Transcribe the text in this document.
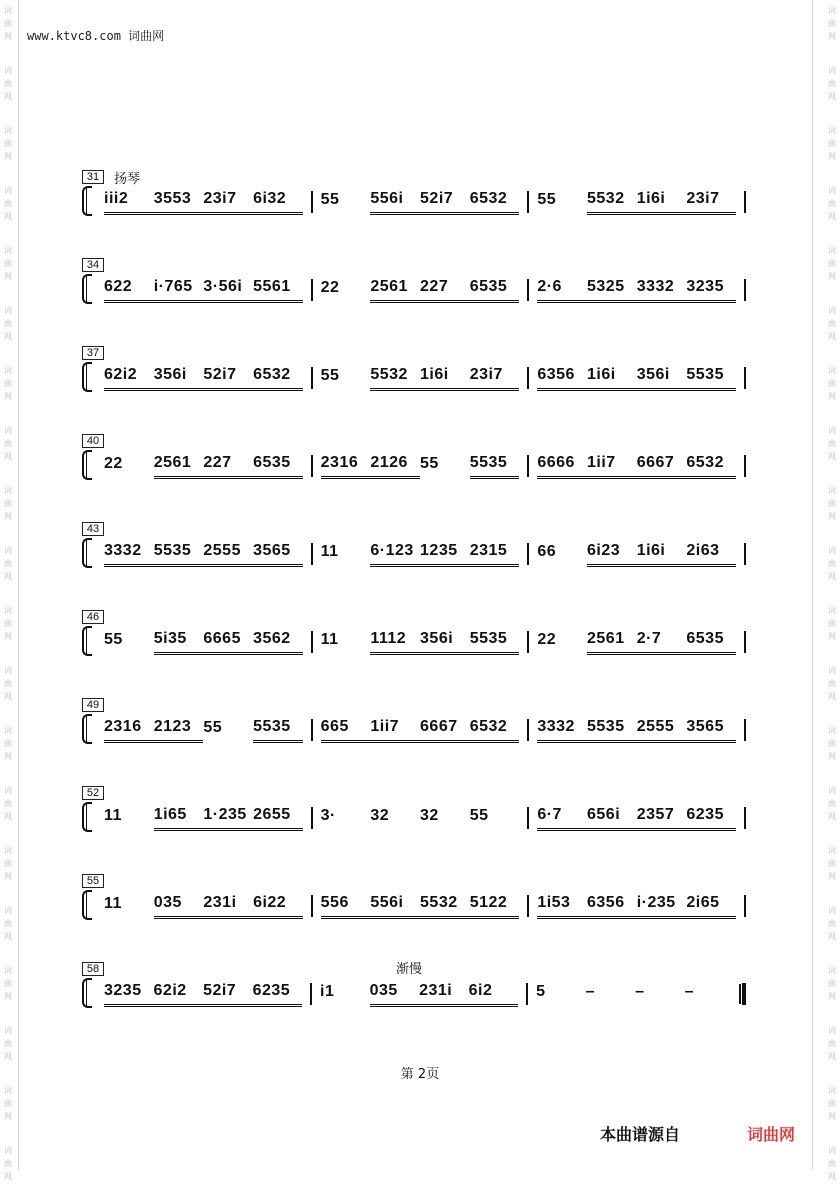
词
曲
网
词
曲
网
词
曲
网
词
曲
网
词
曲
网
词
曲
网
词
曲
网
词
曲
网
词
曲
网
词
曲
网
词
曲
网
词
曲
网
词
曲
网
词
曲
网
词
曲
网
词
曲
网
词
曲
网
词
曲
网
词
曲
网
词
曲
网
词
曲
网
词
曲
网
词
曲
网
词
曲
网
词
曲
网
词
曲
网
词
曲
网
词
曲
网
词
曲
网
词
曲
网
词
曲
网
词
曲
网
词
曲
网
词
曲
网
词
曲
网
词
曲
网
词
曲
网
词
曲
网
词
曲
网
词
曲
网
www.ktvc8.com 词曲网
扬琴
31
iii2	3553 23i7	6i32	55	556i	52i7	6532	55	5532 1i6i	23i7
34
622	i·765 3·56i 5561	22	2561 227	6535	2·6	5325 3332 3235
37
62i2	356i	52i7	6532	55	5532 1i6i	23i7	6356 1i6i	356i	5535
40
22	2561 227	6535	2316 2126 55	5535	6666 1ii7	6667 6532
43
3332 5535 2555 3565	11	6·123 1235 2315	66	6i23	1i6i	2i63
46
55	5i35	6665 3562	11	1112 356i	5535	22	2561 2·7	6535
49
2316 2123 55	5535	665	1ii7	6667 6532	3332 5535 2555 3565
52
11	1i65	1·235 2655	3·	32	32	55	6·7	656i	2357 6235
55
11	035	231i	6i22	556	556i	5532 5122	1i53	6356 i·235 2i65
58
3235 62i2	52i7	6235	i1	035	231i	6i2	5	–	–	–
渐慢
第 2页
本曲谱源自	词曲网
